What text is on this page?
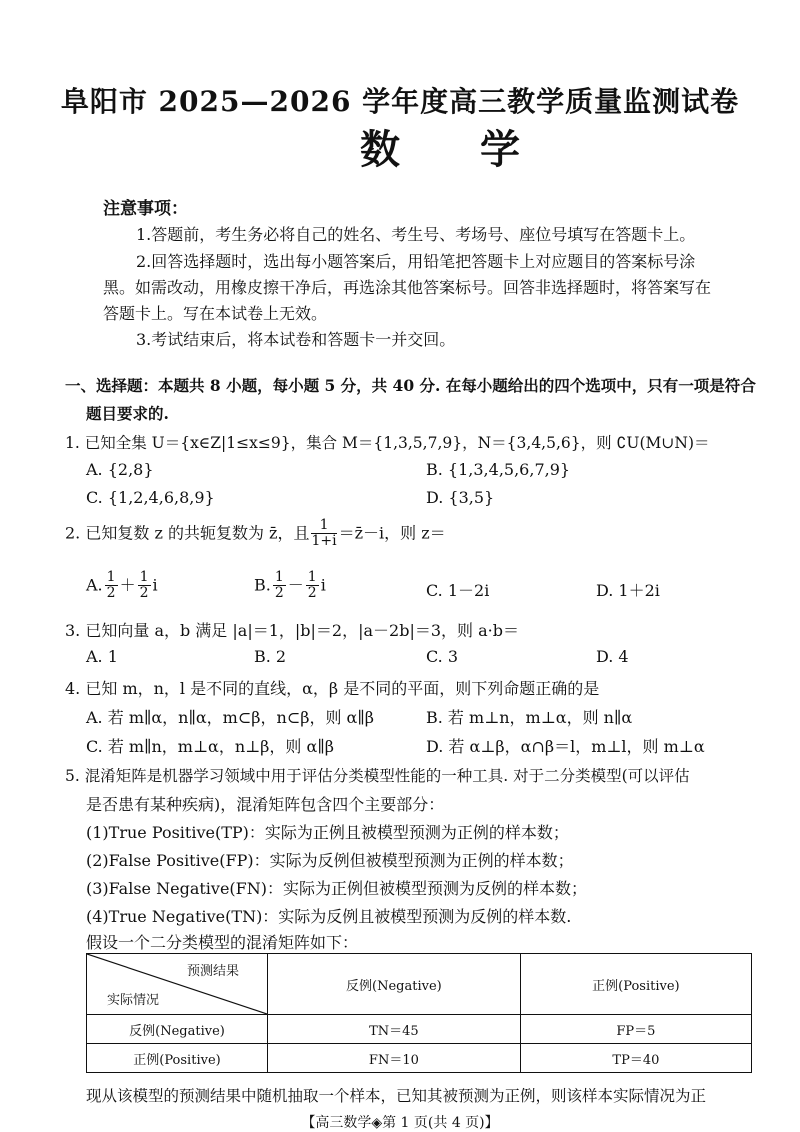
阜阳市 2025—2026 学年度高三教学质量监测试卷
数学
注意事项：
1.答题前，考生务必将自己的姓名、考生号、考场号、座位号填写在答题卡上。
2.回答选择题时，选出每小题答案后，用铅笔把答题卡上对应题目的答案标号涂
黑。如需改动，用橡皮擦干净后，再选涂其他答案标号。回答非选择题时，将答案写在
答题卡上。写在本试卷上无效。
3.考试结束后，将本试卷和答题卡一并交回。
一、选择题：本题共 8 小题，每小题 5 分，共 40 分. 在每小题给出的四个选项中，只有一项是符合
题目要求的.
1. 已知全集 U＝{x∈Z|1≤x≤9}，集合 M＝{1,3,5,7,9}，N＝{3,4,5,6}，则 ∁U(M∪N)＝
A. {2,8}	B. {1,3,4,5,6,7,9}
C. {1,2,4,6,8,9}	D. {3,5}
2. 已知复数 z 的共轭复数为 z̄，且 $\frac{1}{1+i}$ ＝z̄－i，则 z＝
A. $\frac{1}{2} + \frac{1}{2}$ i	B. $\frac{1}{2} - \frac{1}{2}$ i	C. 1－2i	D. 1＋2i
3. 已知向量 a，b 满足 |a|＝1，|b|＝2，|a－2b|＝3，则 a·b＝
A. 1	B. 2	C. 3	D. 4
4. 已知 m，n，l 是不同的直线，α，β 是不同的平面，则下列命题正确的是
A. 若 m∥α，n∥α，m⊂β，n⊂β，则 α∥β	B. 若 m⊥n，m⊥α，则 n∥α
C. 若 m∥n，m⊥α，n⊥β，则 α∥β	D. 若 α⊥β，α∩β＝l，m⊥l，则 m⊥α
5. 混淆矩阵是机器学习领域中用于评估分类模型性能的一种工具. 对于二分类模型(可以评估
是否患有某种疾病)，混淆矩阵包含四个主要部分：
(1)True Positive(TP)：实际为正例且被模型预测为正例的样本数；
(2)False Positive(FP)：实际为反例但被模型预测为正例的样本数；
(3)False Negative(FN)：实际为正例但被模型预测为反例的样本数；
(4)True Negative(TN)：实际为反例且被模型预测为反例的样本数.
假设一个二分类模型的混淆矩阵如下：
预测结果
实际情况	反例(Negative)	正例(Positive)
反例(Negative)	TN＝45	FP＝5
正例(Positive)	FN＝10	TP＝40
现从该模型的预测结果中随机抽取一个样本，已知其被预测为正例，则该样本实际情况为正
【高三数学◈第 1 页(共 4 页)】
